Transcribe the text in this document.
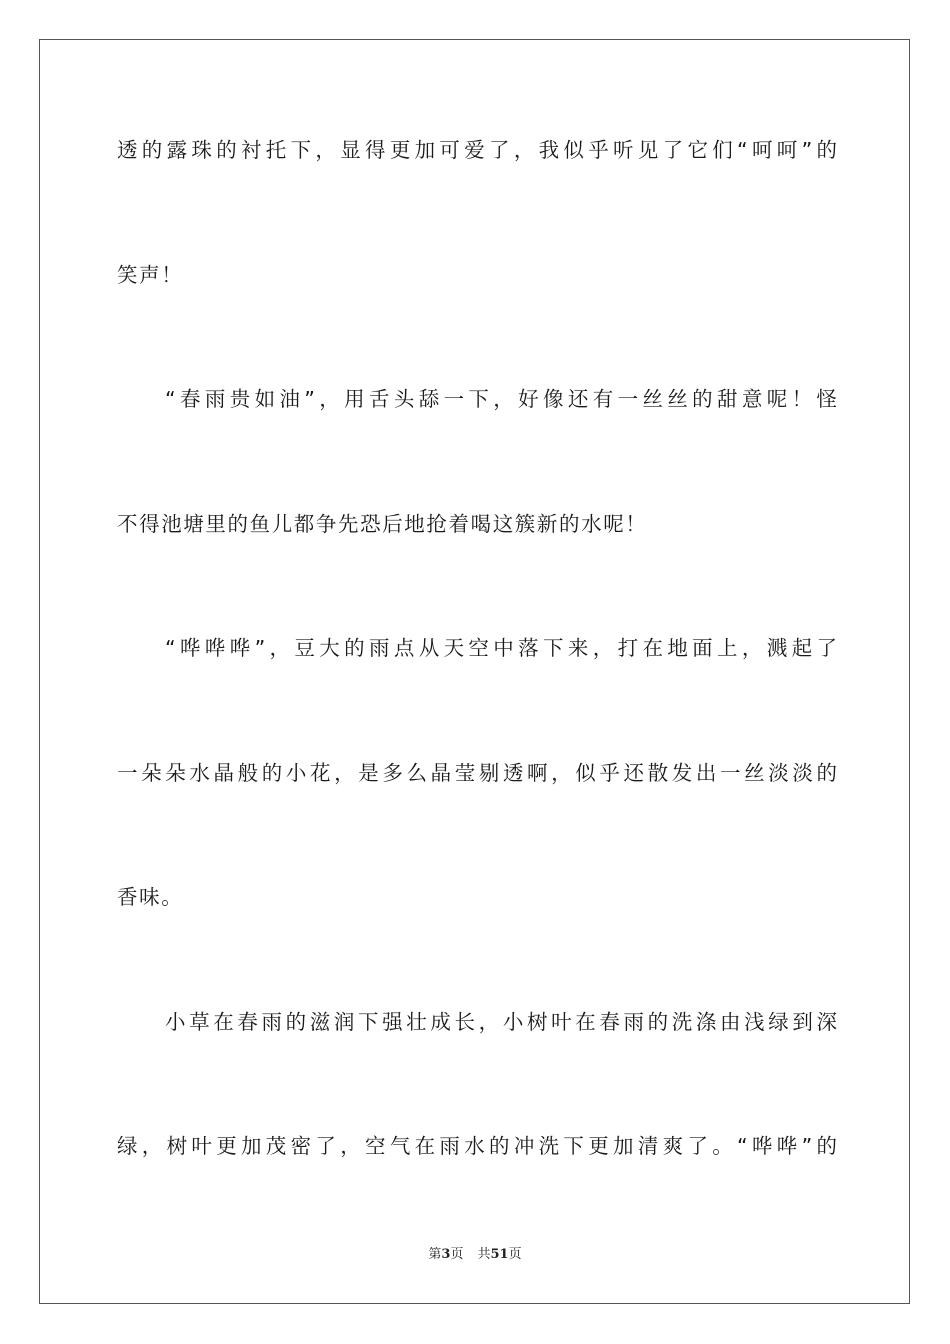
透的露珠的衬托下，显得更加可爱了，我似乎听见了它们“呵呵”的
笑声！
“春雨贵如油”，用舌头舔一下，好像还有一丝丝的甜意呢！怪
不得池塘里的鱼儿都争先恐后地抢着喝这簇新的水呢！
“哗哗哗”，豆大的雨点从天空中落下来，打在地面上，溅起了
一朵朵水晶般的小花，是多么晶莹剔透啊，似乎还散发出一丝淡淡的
香味。
小草在春雨的滋润下强壮成长，小树叶在春雨的洗涤由浅绿到深
绿，树叶更加茂密了，空气在雨水的冲洗下更加清爽了。“哗哗”的
第3页 共51页
